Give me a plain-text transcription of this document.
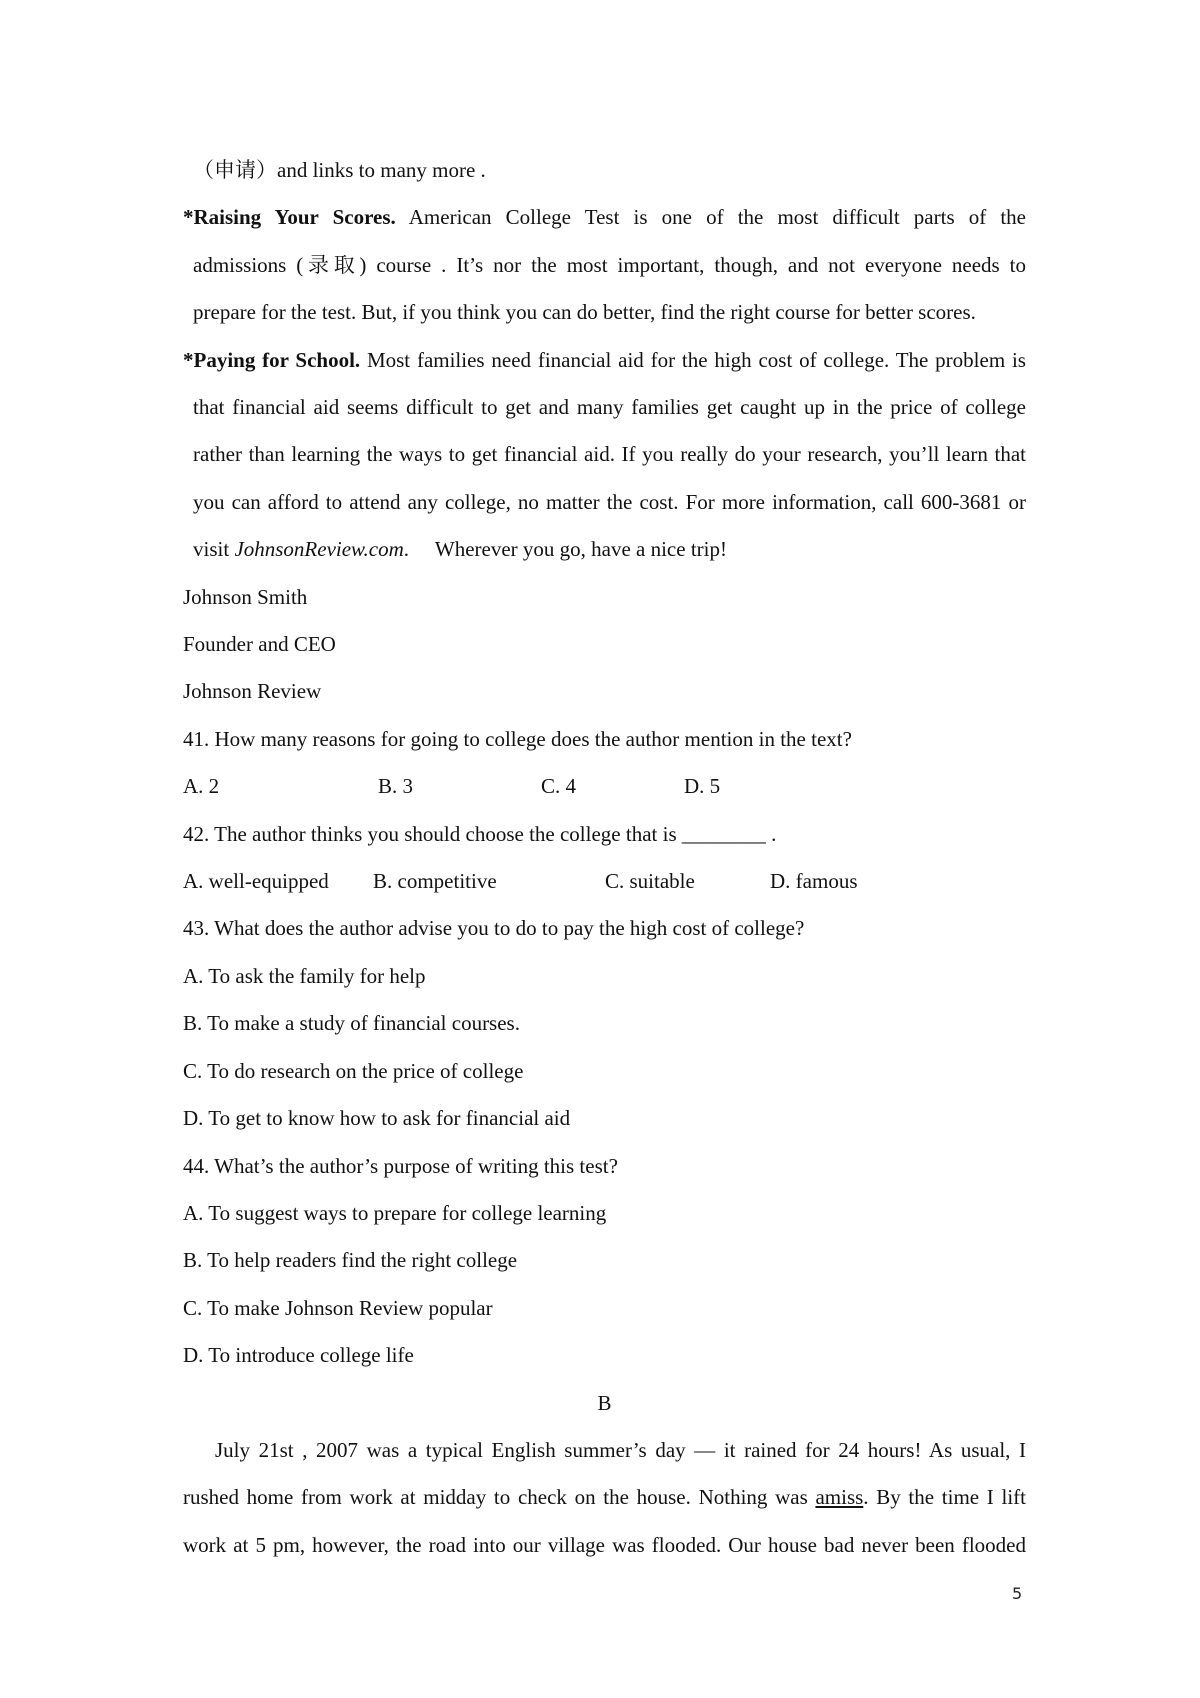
（申请）and links to many more .
*Raising Your Scores. American College Test is one of the most difficult parts of the
admissions (录取) course . It’s nor the most important, though, and not everyone needs to
prepare for the test. But, if you think you can do better, find the right course for better scores.
*Paying for School. Most families need financial aid for the high cost of college. The problem is
that financial aid seems difficult to get and many families get caught up in the price of college
rather than learning the ways to get financial aid. If you really do your research, you’ll learn that
you can afford to attend any college, no matter the cost. For more information, call 600-3681 or
visit JohnsonReview.com.     Wherever you go, have a nice trip!
Johnson Smith
Founder and CEO
Johnson Review
41. How many reasons for going to college does the author mention in the text?
A. 2	B. 3	C. 4	D. 5
42. The author thinks you should choose the college that is ________ .
A. well-equipped B. competitive	C. suitable	D. famous
43. What does the author advise you to do to pay the high cost of college?
A. To ask the family for help
B. To make a study of financial courses.
C. To do research on the price of college
D. To get to know how to ask for financial aid
44. What’s the author’s purpose of writing this test?
A. To suggest ways to prepare for college learning
B. To help readers find the right college
C. To make Johnson Review popular
D. To introduce college life
B
July 21st , 2007 was a typical English summer’s day — it rained for 24 hours! As usual, I
rushed home from work at midday to check on the house. Nothing was amiss. By the time I lift
work at 5 pm, however, the road into our village was flooded. Our house bad never been flooded
5
